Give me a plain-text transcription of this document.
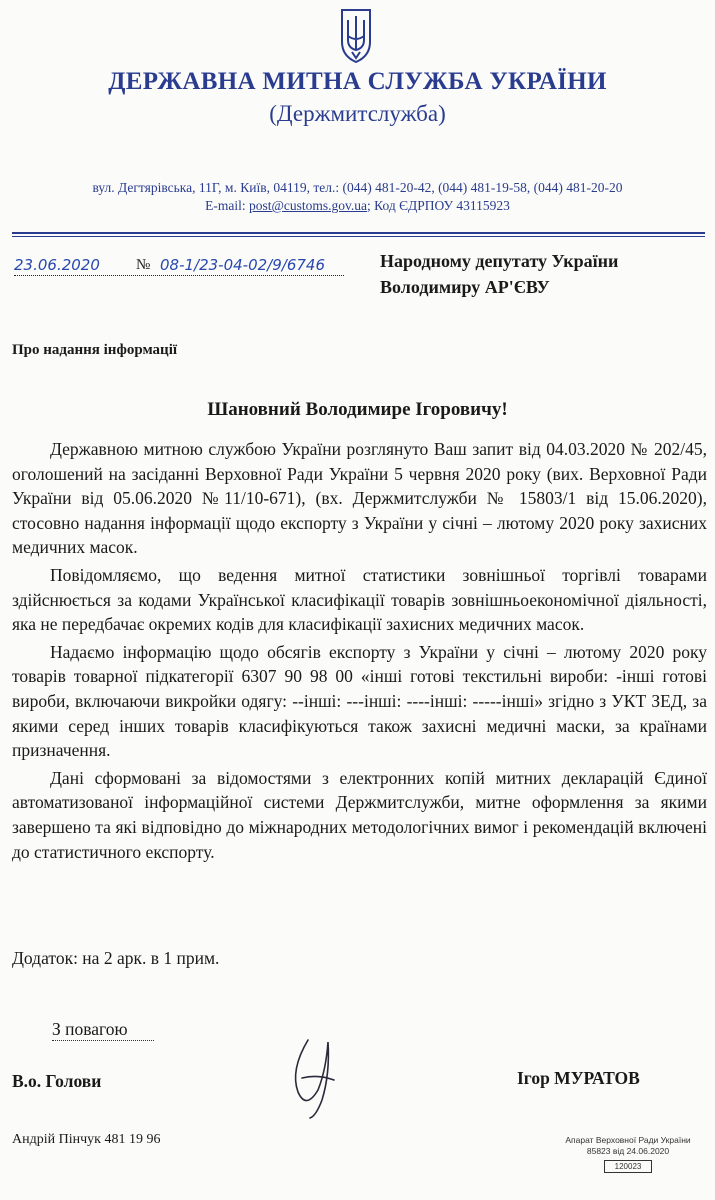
ДЕРЖАВНА МИТНА СЛУЖБА УКРАЇНИ
(Держмитслужба)
вул. Дегтярівська, 11Г, м. Київ, 04119, тел.: (044) 481-20-42, (044) 481-19-58, (044) 481-20-20
E-mail: post@customs.gov.ua; Код ЄДРПОУ 43115923
23.06.2020 № 08-1/23-04-02/9/6746	Народному депутату України
Володимиру АР'ЄВУ
Про надання інформації
Шановний Володимире Ігоровичу!

Державною митною службою України розглянуто Ваш запит від 04.03.2020 № 202/45, оголошений на засіданні Верховної Ради України 5 червня 2020 року (вих. Верховної Ради України від 05.06.2020 №11/10-671), (вх. Держмитслужби № 15803/1 від 15.06.2020), стосовно надання інформації щодо експорту з України у січні – лютому 2020 року захисних медичних масок.

Повідомляємо, що ведення митної статистики зовнішньої торгівлі товарами здійснюється за кодами Української класифікації товарів зовнішньоекономічної діяльності, яка не передбачає окремих кодів для класифікації захисних медичних масок.

Надаємо інформацію щодо обсягів експорту з України у січні – лютому 2020 року товарів товарної підкатегорії 6307 90 98 00 «інші готові текстильні вироби: -інші готові вироби, включаючи викройки одягу: --інші: ---інші: ----інші: -----інші» згідно з УКТ ЗЕД, за якими серед інших товарів класифікуються також захисні медичні маски, за країнами призначення.

Дані сформовані за відомостями з електронних копій митних декларацій Єдиної автоматизованої інформаційної системи Держмитслужби, митне оформлення за якими завершено та які відповідно до міжнародних методологічних вимог і рекомендацій включені до статистичного експорту.

Додаток: на 2 арк. в 1 прим.
З повагою
В.о. Голови	Ігор МУРАТОВ
Андрій Пінчук 481 19 96	Апарат Верховної Ради України
85823 від 24.06.2020
120023
